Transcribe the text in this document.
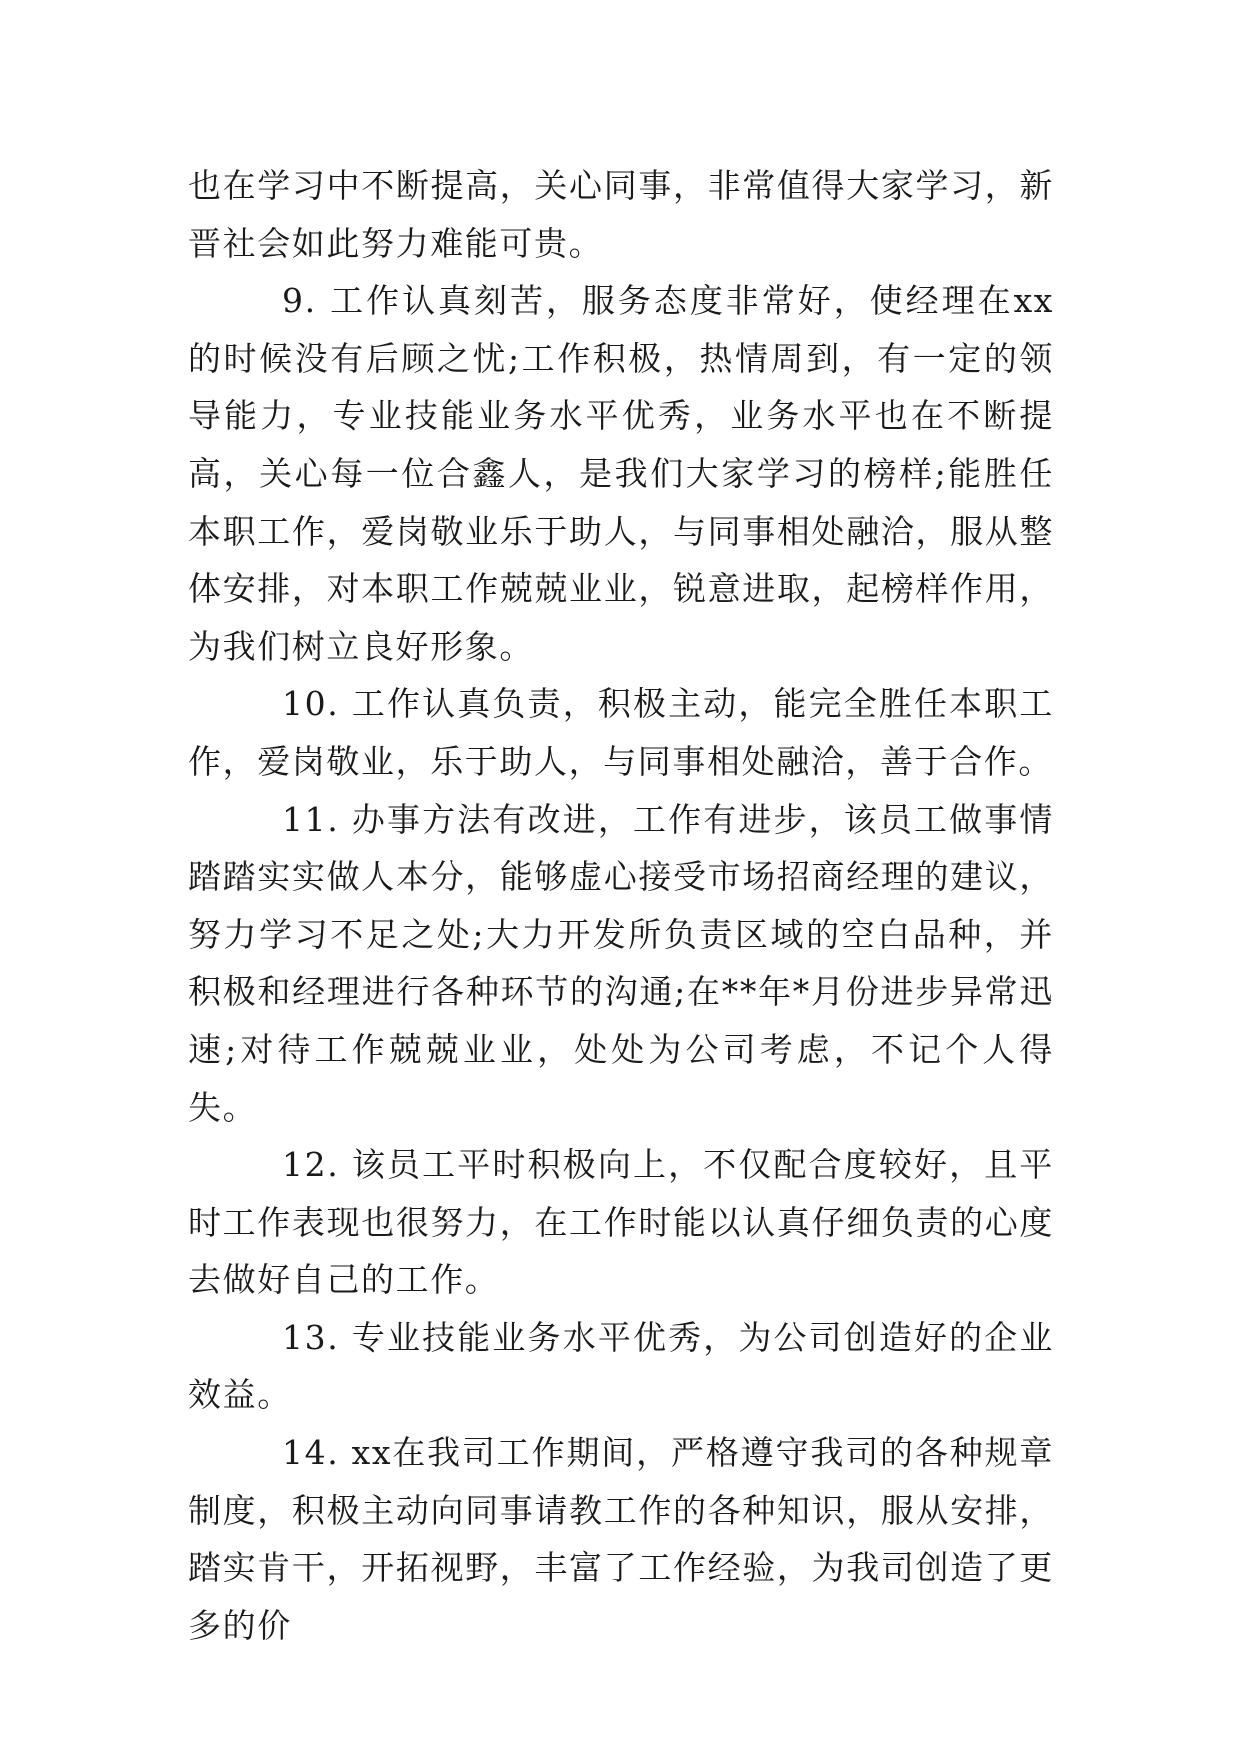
也在学习中不断提高，关心同事，非常值得大家学习，新晋社会如此努力难能可贵。

9. 工作认真刻苦，服务态度非常好，使经理在xx的时候没有后顾之忧;工作积极，热情周到，有一定的领导能力，专业技能业务水平优秀，业务水平也在不断提高，关心每一位合鑫人，是我们大家学习的榜样;能胜任本职工作，爱岗敬业乐于助人，与同事相处融洽，服从整体安排，对本职工作兢兢业业，锐意进取，起榜样作用，为我们树立良好形象。

10. 工作认真负责，积极主动，能完全胜任本职工作，爱岗敬业，乐于助人，与同事相处融洽，善于合作。

11. 办事方法有改进，工作有进步，该员工做事情踏踏实实做人本分，能够虚心接受市场招商经理的建议，努力学习不足之处;大力开发所负责区域的空白品种，并积极和经理进行各种环节的沟通;在**年*月份进步异常迅速;对待工作兢兢业业，处处为公司考虑，不记个人得失。

12. 该员工平时积极向上，不仅配合度较好，且平时工作表现也很努力，在工作时能以认真仔细负责的心度去做好自己的工作。

13. 专业技能业务水平优秀，为公司创造好的企业效益。

14. xx在我司工作期间，严格遵守我司的各种规章制度，积极主动向同事请教工作的各种知识，服从安排，踏实肯干，开拓视野，丰富了工作经验，为我司创造了更多的价
